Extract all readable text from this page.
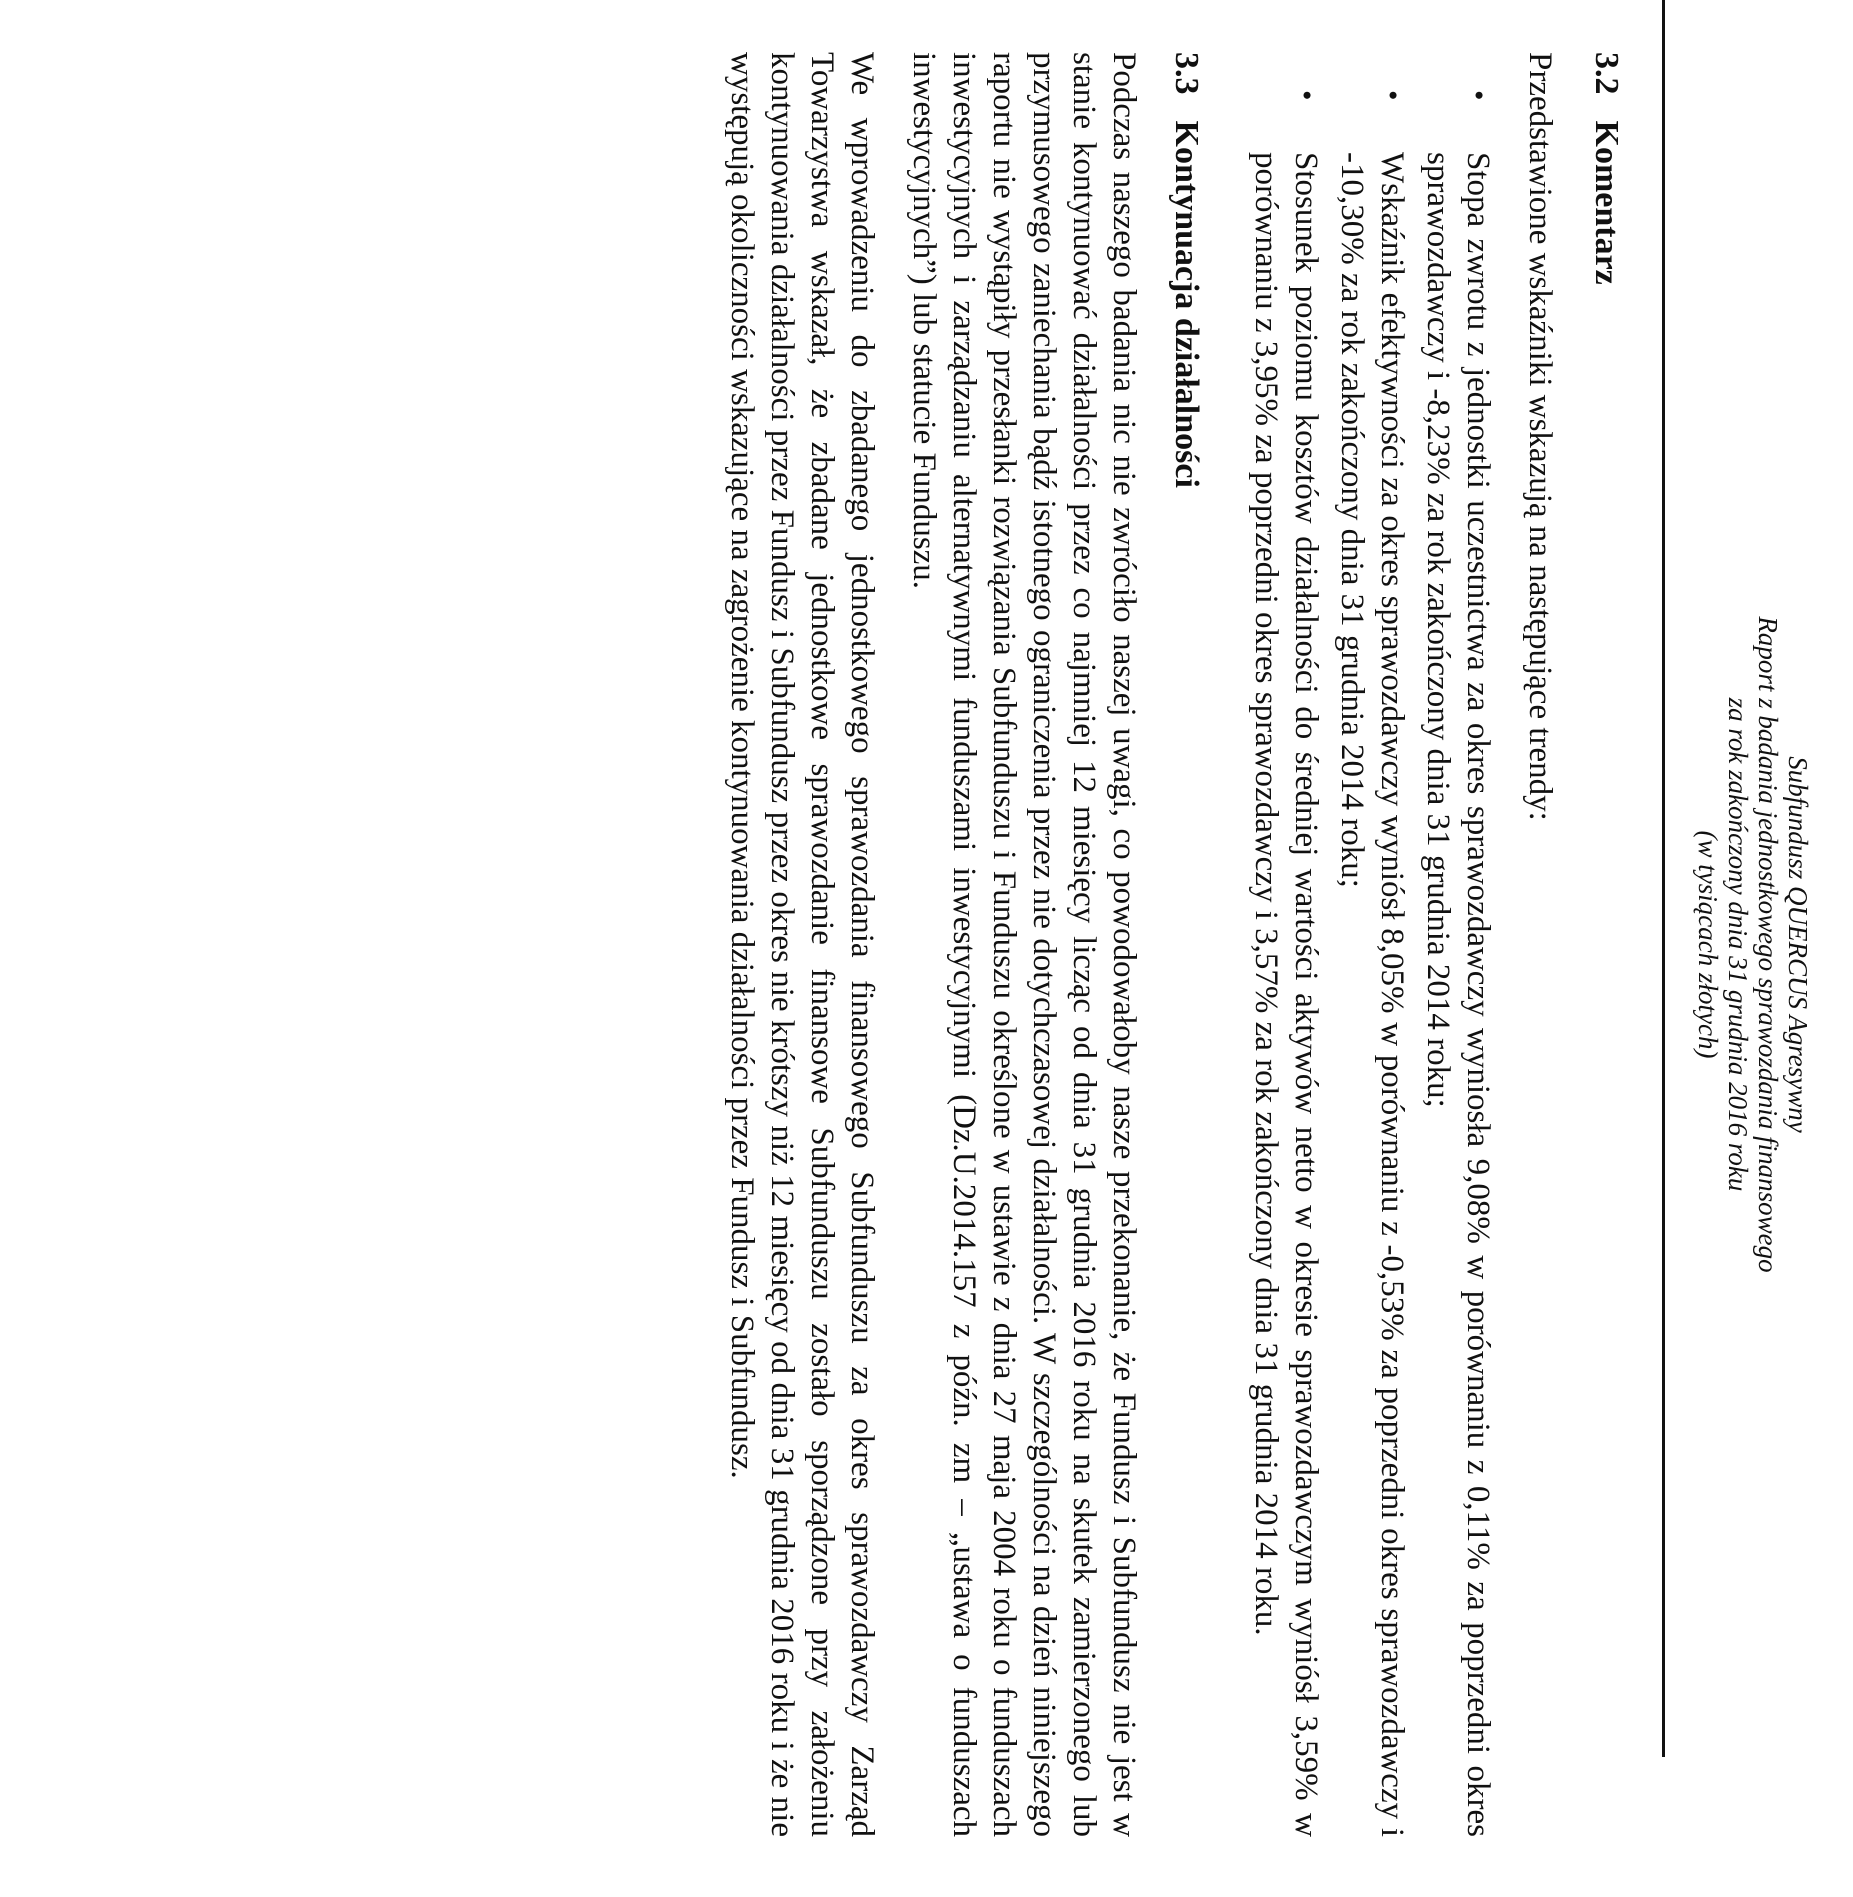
Subfundusz QUERCUS Agresywny
Raport z badania jednostkowego sprawozdania finansowego
za rok zakończony dnia 31 grudnia 2016 roku
(w tysiącach złotych)
3.2 Komentarz

Przedstawione wskaźniki wskazują na następujące trendy:

• Stopa zwrotu z jednostki uczestnictwa za okres sprawozdawczy wyniosła 9,08% w porównaniu z 0,11% za poprzedni okres sprawozdawczy i -8,23% za rok zakończony dnia 31 grudnia 2014 roku;
• Wskaźnik efektywności za okres sprawozdawczy wyniósł 8,05% w porównaniu z -0,53% za poprzedni okres sprawozdawczy i -10,30% za rok zakończony dnia 31 grudnia 2014 roku;
• Stosunek poziomu kosztów działalności do średniej wartości aktywów netto w okresie sprawozdawczym wyniósł 3,59% w porównaniu z 3,95% za poprzedni okres sprawozdawczy i 3,57% za rok zakończony dnia 31 grudnia 2014 roku.
3.3 Kontynuacja działalności

Podczas naszego badania nic nie zwróciło naszej uwagi, co powodowałoby nasze przekonanie, że Fundusz i Subfundusz nie jest w stanie kontynuować działalności przez co najmniej 12 miesięcy licząc od dnia 31 grudnia 2016 roku na skutek zamierzonego lub przymusowego zaniechania bądź istotnego ograniczenia przez nie dotychczasowej działalności. W szczególności na dzień niniejszego raportu nie wystąpiły przesłanki rozwiązania Subfunduszu i Funduszu określone w ustawie z dnia 27 maja 2004 roku o funduszach inwestycyjnych i zarządzaniu alternatywnymi funduszami inwestycyjnymi (Dz.U.2014.157 z późn. zm – „ustawa o funduszach inwestycyjnych”) lub statucie Funduszu.

We wprowadzeniu do zbadanego jednostkowego sprawozdania finansowego Subfunduszu za okres sprawozdawczy Zarząd Towarzystwa wskazał, że zbadane jednostkowe sprawozdanie finansowe Subfunduszu zostało sporządzone przy założeniu kontynuowania działalności przez Fundusz i Subfundusz przez okres nie krótszy niż 12 miesięcy od dnia 31 grudnia 2016 roku i że nie występują okoliczności wskazujące na zagrożenie kontynuowania działalności przez Fundusz i Subfundusz.
